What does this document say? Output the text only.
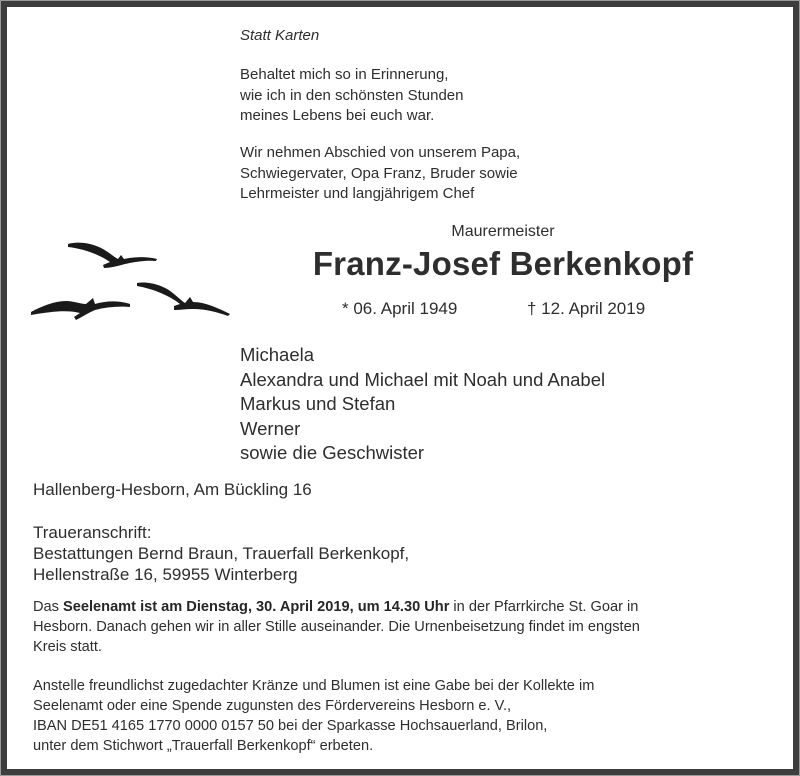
Statt Karten
Behaltet mich so in Erinnerung,
wie ich in den schönsten Stunden
meines Lebens bei euch war.
Wir nehmen Abschied von unserem Papa,
Schwiegervater, Opa Franz, Bruder sowie
Lehrmeister und langjährigem Chef
Maurermeister
Franz-Josef Berkenkopf
* 06. April 1949	† 12. April 2019
Michaela
Alexandra und Michael mit Noah und Anabel
Markus und Stefan
Werner
sowie die Geschwister
Hallenberg-Hesborn, Am Bückling 16
Traueranschrift:
Bestattungen Bernd Braun, Trauerfall Berkenkopf,
Hellenstraße 16, 59955 Winterberg
Das Seelenamt ist am Dienstag, 30. April 2019, um 14.30 Uhr in der Pfarrkirche St. Goar in
Hesborn. Danach gehen wir in aller Stille auseinander. Die Urnenbeisetzung findet im engsten
Kreis statt.
Anstelle freundlichst zugedachter Kränze und Blumen ist eine Gabe bei der Kollekte im
Seelenamt oder eine Spende zugunsten des Fördervereins Hesborn e. V.,
IBAN DE51 4165 1770 0000 0157 50 bei der Sparkasse Hochsauerland, Brilon,
unter dem Stichwort „Trauerfall Berkenkopf“ erbeten.
